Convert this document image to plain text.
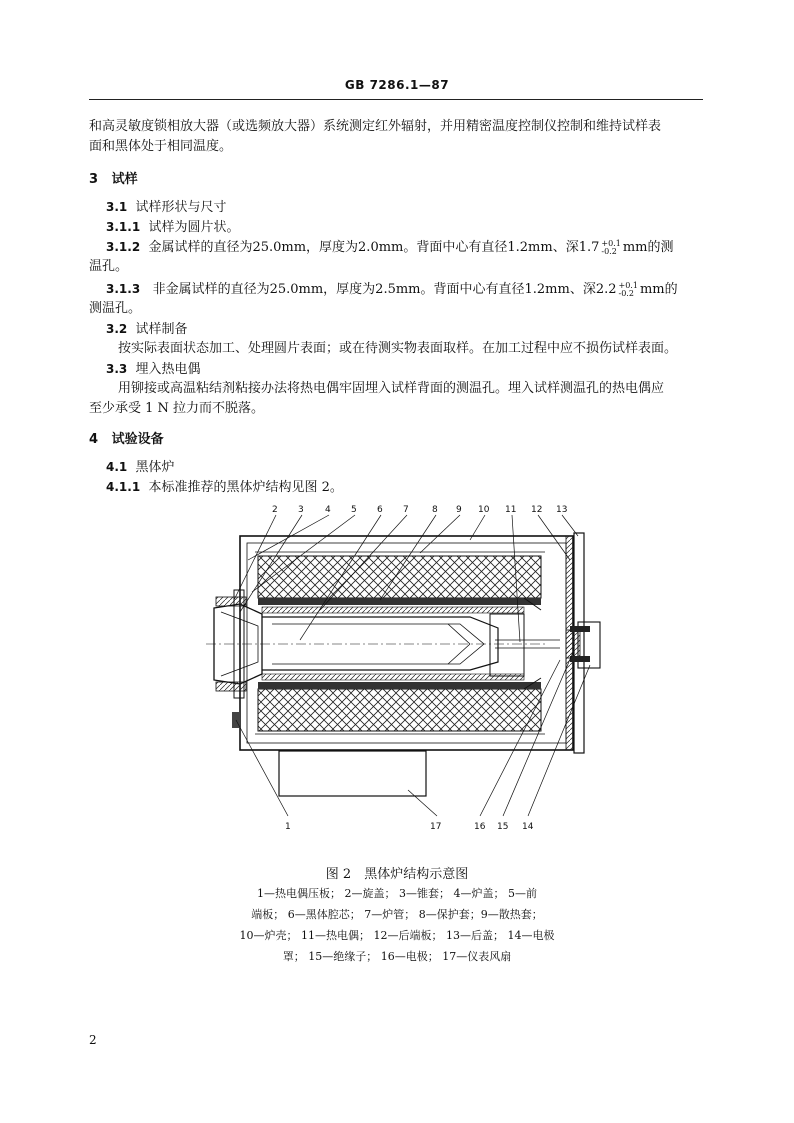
GB 7286.1—87
和高灵敏度锁相放大器（或选频放大器）系统测定红外辐射，并用精密温度控制仪控制和维持试样表
面和黑体处于相同温度。
3 试样
3.1 试样形状与尺寸
3.1.1 试样为圆片状。
3.1.2 金属试样的直径为25.0mm，厚度为2.0mm。背面中心有直径1.2mm、深1.7 +0.1
-0.2 mm的测
温孔。
3.1.3 非金属试样的直径为25.0mm，厚度为2.5mm。背面中心有直径1.2mm、深2.2 +0.1
-0.2 mm的
测温孔。
3.2 试样制备
按实际表面状态加工、处理圆片表面；或在待测实物表面取样。在加工过程中应不损伤试样表面。
3.3 埋入热电偶
用铆接或高温粘结剂粘接办法将热电偶牢固埋入试样背面的测温孔。埋入试样测温孔的热电偶应
至少承受 1 N 拉力而不脱落。
4 试验设备
4.1 黑体炉
4.1.1 本标准推荐的黑体炉结构见图 2。
2 3 4 5 6 7	8 9 10 11 12 13
1	17	16 15 14
图 2　黑体炉结构示意图
1—热电偶压板； 2—旋盖； 3—锥套； 4—炉盖； 5—前
端板； 6—黑体腔芯； 7—炉管； 8—保护套；9—散热套；
10—炉壳； 11—热电偶； 12—后端板； 13—后盖； 14—电极
罩； 15—绝缘子； 16—电极； 17—仪表风扇
2
